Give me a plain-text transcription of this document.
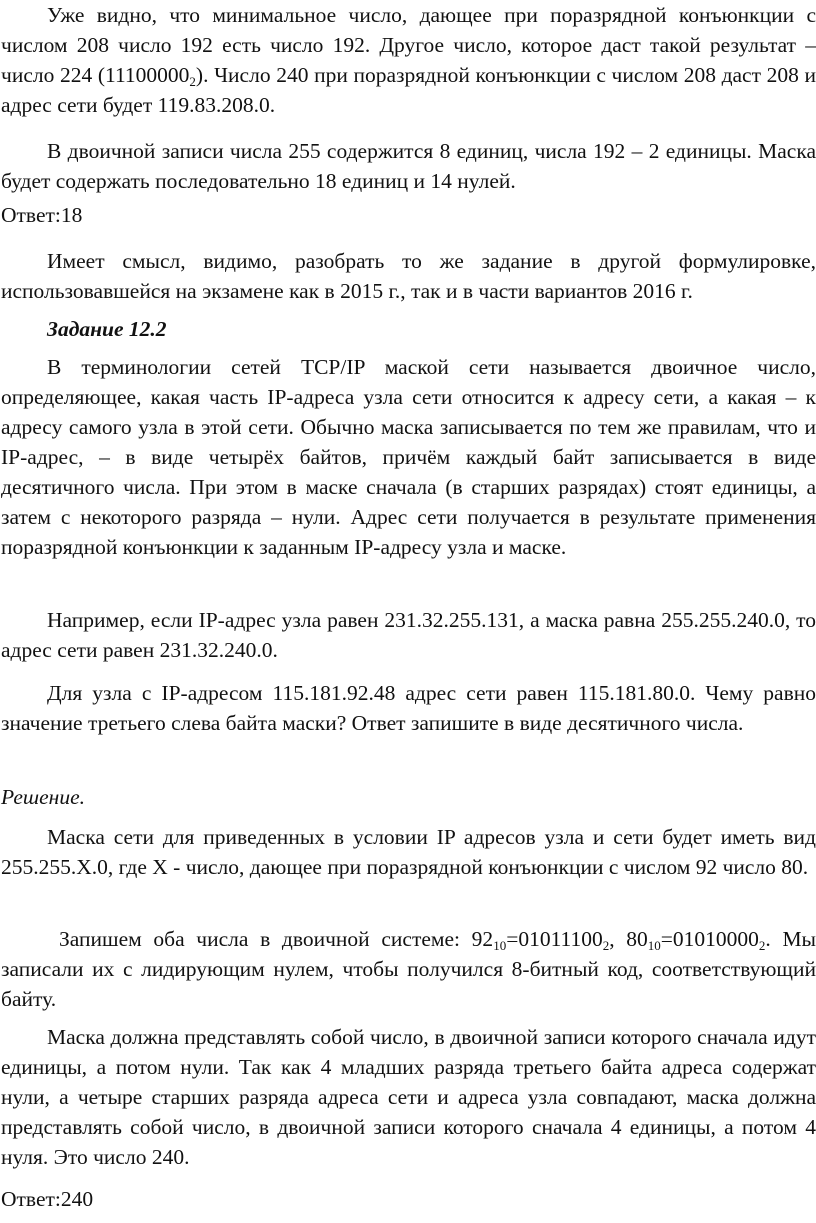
Уже видно, что минимальное число, дающее при поразрядной конъюнкции с числом 208 число 192 есть число 192. Другое число, которое даст такой результат – число 224 $(11100000_2)$. Число 240 при поразрядной конъюнкции с числом 208 даст 208 и адрес сети будет 119.83.208.0.

В двоичной записи числа 255 содержится 8 единиц, числа 192 – 2 единицы. Маска будет содержать последовательно 18 единиц и 14 нулей.

Ответ:18

Имеет смысл, видимо, разобрать то же задание в другой формулировке, использовавшейся на экзамене как в 2015 г., так и в части вариантов 2016 г.

Задание 12.2

В терминологии сетей TCP/IP маской сети называется двоичное число, определяющее, какая часть IP-адреса узла сети относится к адресу сети, а какая – к адресу самого узла в этой сети. Обычно маска записывается по тем же правилам, что и IP-адрес, – в виде четырёх байтов, причём каждый байт записывается в виде десятичного числа. При этом в маске сначала (в старших разрядах) стоят единицы, а затем с некоторого разряда – нули. Адрес сети получается в результате применения поразрядной конъюнкции к заданным IP-адресу узла и маске.

Например, если IP-адрес узла равен 231.32.255.131, а маска равна 255.255.240.0, то адрес сети равен 231.32.240.0.

Для узла с IP-адресом 115.181.92.48 адрес сети равен 115.181.80.0. Чему равно значение третьего слева байта маски? Ответ запишите в виде десятичного числа.

Решение.

Маска сети для приведенных в условии IP адресов узла и сети будет иметь вид 255.255.X.0, где X - число, дающее при поразрядной конъюнкции с числом 92 число 80.

Запишем оба числа в двоичной системе: $92_{10}=01011100_2$, $80_{10}=01010000_2$. Мы записали их с лидирующим нулем, чтобы получился 8-битный код, соответствующий байту.

Маска должна представлять собой число, в двоичной записи которого сначала идут единицы, а потом нули. Так как 4 младших разряда третьего байта адреса содержат нули, а четыре старших разряда адреса сети и адреса узла совпадают, маска должна представлять собой число, в двоичной записи которого сначала 4 единицы, а потом 4 нуля. Это число 240.

Ответ:240
